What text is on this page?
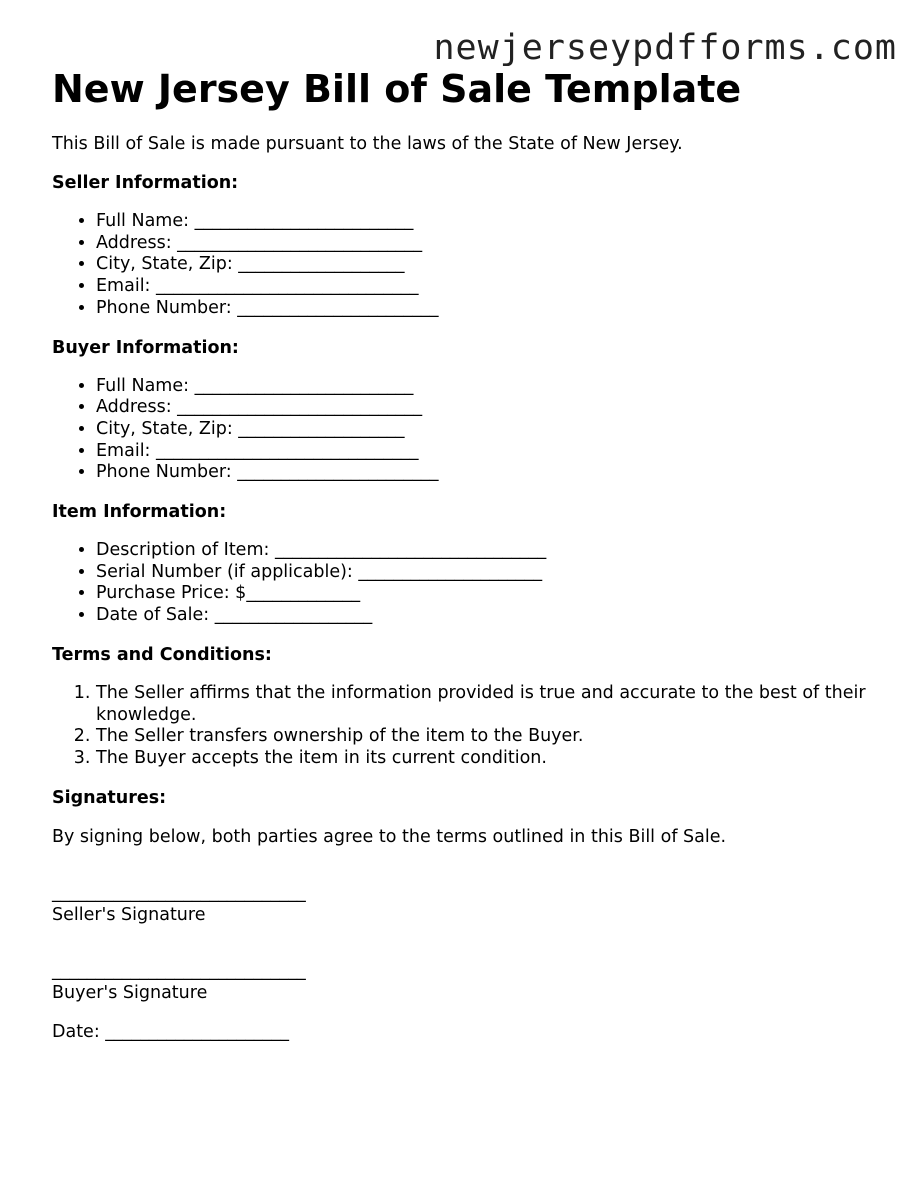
newjerseypdfforms.com
New Jersey Bill of Sale Template

This Bill of Sale is made pursuant to the laws of the State of New Jersey.

Seller Information:
• Full Name: _________________________
• Address: ____________________________
• City, State, Zip: ___________________
• Email: ______________________________
• Phone Number: _______________________
Buyer Information:
• Full Name: _________________________
• Address: ____________________________
• City, State, Zip: ___________________
• Email: ______________________________
• Phone Number: _______________________
Item Information:
• Description of Item: _______________________________
• Serial Number (if applicable): _____________________
• Purchase Price: $_____________
• Date of Sale: __________________
Terms and Conditions:
1. The Seller affirms that the information provided is true and accurate to the best of their knowledge.
2. The Seller transfers ownership of the item to the Buyer.
3. The Buyer accepts the item in its current condition.
Signatures:

By signing below, both parties agree to the terms outlined in this Bill of Sale.

_____________________________
Seller's Signature
_____________________________
Buyer's Signature

Date: _____________________
